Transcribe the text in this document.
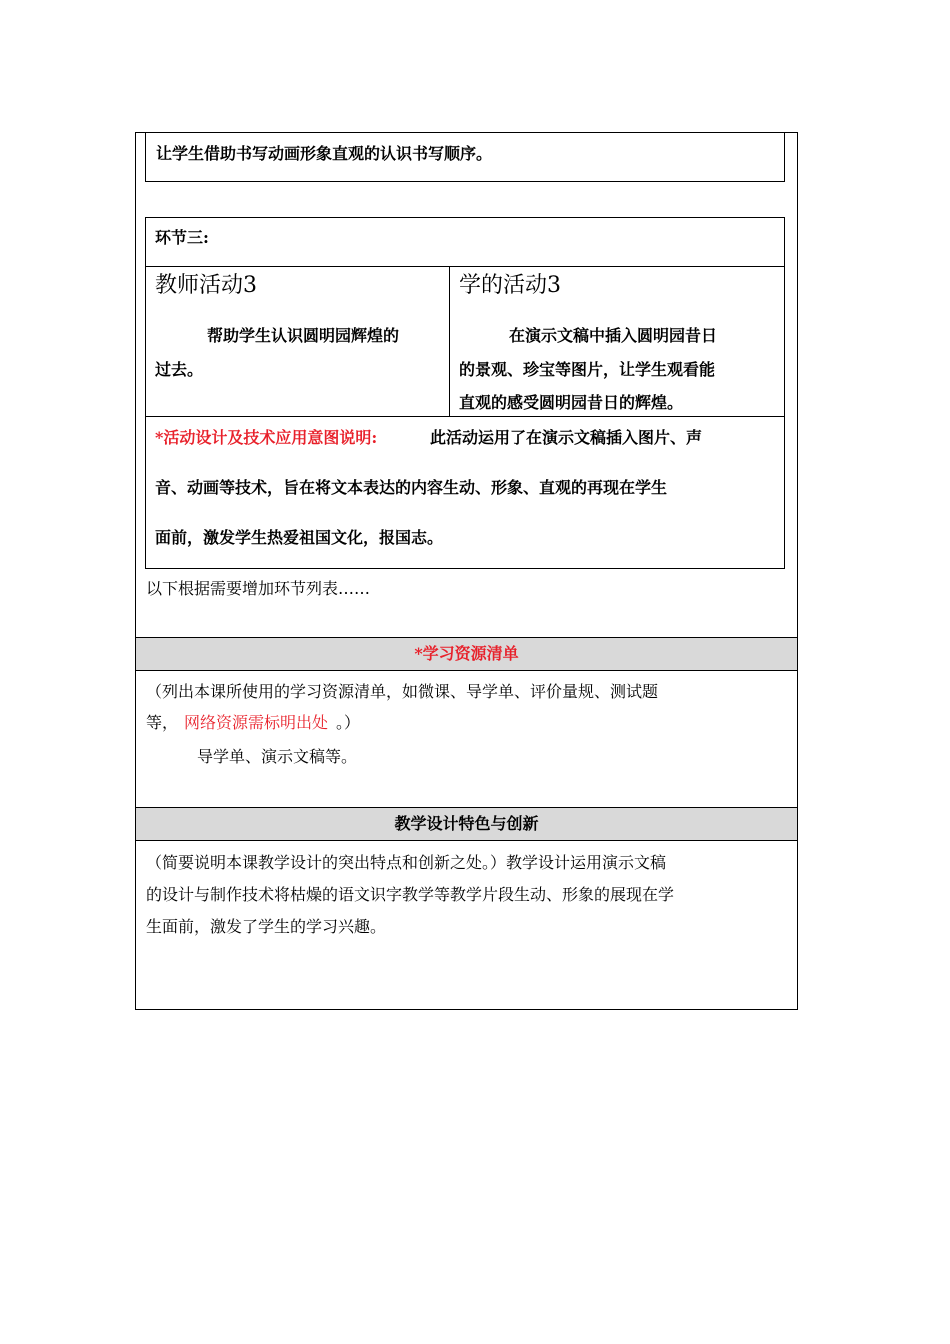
让学生借助书写动画形象直观的认识书写顺序。
环节三:
教师活动3
帮助学生认识圆明园辉煌的
过去。
学的活动3
在演示文稿中插入圆明园昔日
的景观、珍宝等图片，让学生观看能
直观的感受圆明园昔日的辉煌。
*活动设计及技术应用意图说明:	此活动运用了在演示文稿插入图片、声
音、动画等技术，旨在将文本表达的内容生动、形象、直观的再现在学生
面前，激发学生热爱祖国文化，报国志。
以下根据需要增加环节列表……
*学习资源清单
（列出本课所使用的学习资源清单，如微课、导学单、评价量规、测试题
等， 网络资源需标明出处 。）
导学单、演示文稿等。
教学设计特色与创新
（简要说明本课教学设计的突出特点和创新之处。）教学设计运用演示文稿
的设计与制作技术将枯燥的语文识字教学等教学片段生动、形象的展现在学
生面前，激发了学生的学习兴趣。
